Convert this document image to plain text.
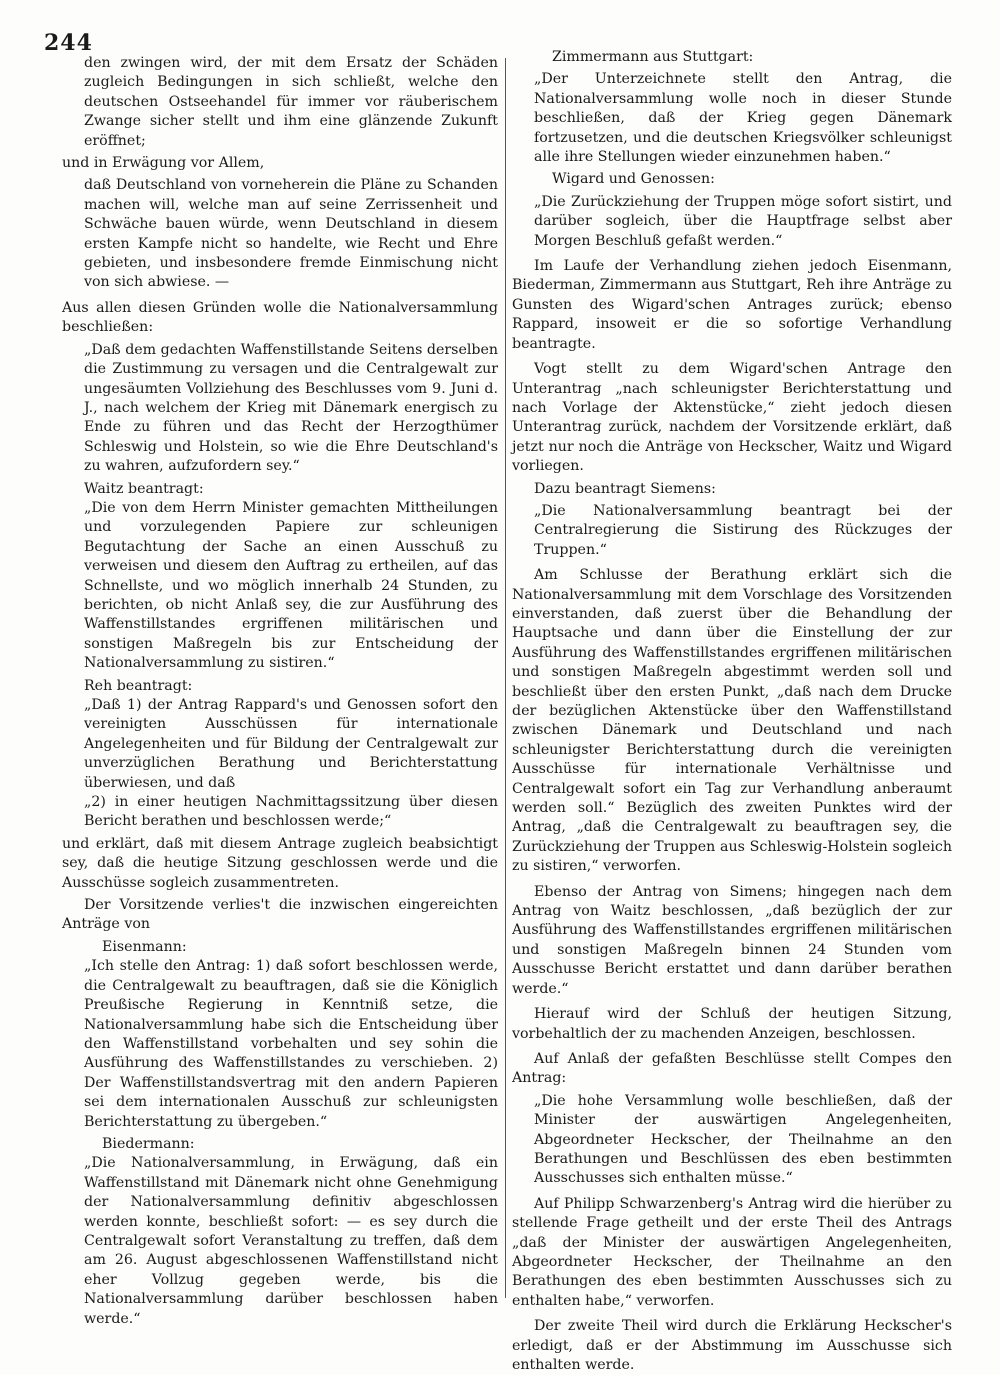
244

den zwingen wird, der mit dem Ersatz der Schäden zugleich Bedingungen in sich schließt, welche den deutschen Ostseehandel für immer vor räuberischem Zwange sicher stellt und ihm eine glänzende Zukunft eröffnet;

und in Erwägung vor Allem,

daß Deutschland von vorneherein die Pläne zu Schanden machen will, welche man auf seine Zerrissenheit und Schwäche bauen würde, wenn Deutschland in diesem ersten Kampfe nicht so handelte, wie Recht und Ehre gebieten, und insbesondere fremde Einmischung nicht von sich abwiese. —

Aus allen diesen Gründen wolle die Nationalversammlung beschließen:

„Daß dem gedachten Waffenstillstande Seitens derselben die Zustimmung zu versagen und die Centralgewalt zur ungesäumten Vollziehung des Beschlusses vom 9. Juni d. J., nach welchem der Krieg mit Dänemark energisch zu Ende zu führen und das Recht der Herzogthümer Schleswig und Holstein, so wie die Ehre Deutschland's zu wahren, aufzufordern sey.“

Waitz beantragt:

„Die von dem Herrn Minister gemachten Mittheilungen und vorzulegenden Papiere zur schleunigen Begutachtung der Sache an einen Ausschuß zu verweisen und diesem den Auftrag zu ertheilen, auf das Schnellste, und wo möglich innerhalb 24 Stunden, zu berichten, ob nicht Anlaß sey, die zur Ausführung des Waffenstillstandes ergriffenen militärischen und sonstigen Maßregeln bis zur Entscheidung der Nationalversammlung zu sistiren.“

Reh beantragt:

„Daß 1) der Antrag Rappard's und Genossen sofort den vereinigten Ausschüssen für internationale Angelegenheiten und für Bildung der Centralgewalt zur unverzüglichen Berathung und Berichterstattung überwiesen, und daß

„2) in einer heutigen Nachmittagssitzung über diesen Bericht berathen und beschlossen werde;“

und erklärt, daß mit diesem Antrage zugleich beabsichtigt sey, daß die heutige Sitzung geschlossen werde und die Ausschüsse sogleich zusammentreten.

Der Vorsitzende verlies't die inzwischen eingereichten Anträge von

Eisenmann:

„Ich stelle den Antrag: 1) daß sofort beschlossen werde, die Centralgewalt zu beauftragen, daß sie die Königlich Preußische Regierung in Kenntniß setze, die Nationalversammlung habe sich die Entscheidung über den Waffenstillstand vorbehalten und sey sohin die Ausführung des Waffenstillstandes zu verschieben. 2) Der Waffenstillstandsvertrag mit den andern Papieren sei dem internationalen Ausschuß zur schleunigsten Berichterstattung zu übergeben.“

Biedermann:

„Die Nationalversammlung, in Erwägung, daß ein Waffenstillstand mit Dänemark nicht ohne Genehmigung der Nationalversammlung definitiv abgeschlossen werden konnte, beschließt sofort: — es sey durch die Centralgewalt sofort Veranstaltung zu treffen, daß dem am 26. August abgeschlossenen Waffenstillstand nicht eher Vollzug gegeben werde, bis die Nationalversammlung darüber beschlossen haben werde.“

Zimmermann aus Stuttgart:

„Der Unterzeichnete stellt den Antrag, die Nationalversammlung wolle noch in dieser Stunde beschließen, daß der Krieg gegen Dänemark fortzusetzen, und die deutschen Kriegsvölker schleunigst alle ihre Stellungen wieder einzunehmen haben.“

Wigard und Genossen:

„Die Zurückziehung der Truppen möge sofort sistirt, und darüber sogleich, über die Hauptfrage selbst aber Morgen Beschluß gefaßt werden.“

Im Laufe der Verhandlung ziehen jedoch Eisenmann, Biederman, Zimmermann aus Stuttgart, Reh ihre Anträge zu Gunsten des Wigard'schen Antrages zurück; ebenso Rappard, insoweit er die so sofortige Verhandlung beantragte.

Vogt stellt zu dem Wigard'schen Antrage den Unterantrag „nach schleunigster Berichterstattung und nach Vorlage der Aktenstücke,“ zieht jedoch diesen Unterantrag zurück, nachdem der Vorsitzende erklärt, daß jetzt nur noch die Anträge von Heckscher, Waitz und Wigard vorliegen.

Dazu beantragt Siemens:

„Die Nationalversammlung beantragt bei der Centralregierung die Sistirung des Rückzuges der Truppen.“

Am Schlusse der Berathung erklärt sich die Nationalversammlung mit dem Vorschlage des Vorsitzenden einverstanden, daß zuerst über die Behandlung der Hauptsache und dann über die Einstellung der zur Ausführung des Waffenstillstandes ergriffenen militärischen und sonstigen Maßregeln abgestimmt werden soll und beschließt über den ersten Punkt, „daß nach dem Drucke der bezüglichen Aktenstücke über den Waffenstillstand zwischen Dänemark und Deutschland und nach schleunigster Berichterstattung durch die vereinigten Ausschüsse für internationale Verhältnisse und Centralgewalt sofort ein Tag zur Verhandlung anberaumt werden soll.“ Bezüglich des zweiten Punktes wird der Antrag, „daß die Centralgewalt zu beauftragen sey, die Zurückziehung der Truppen aus Schleswig-Holstein sogleich zu sistiren,“ verworfen.

Ebenso der Antrag von Simens; hingegen nach dem Antrag von Waitz beschlossen, „daß bezüglich der zur Ausführung des Waffenstillstandes ergriffenen militärischen und sonstigen Maßregeln binnen 24 Stunden vom Ausschusse Bericht erstattet und dann darüber berathen werde.“

Hierauf wird der Schluß der heutigen Sitzung, vorbehaltlich der zu machenden Anzeigen, beschlossen.

Auf Anlaß der gefaßten Beschlüsse stellt Compes den Antrag:

„Die hohe Versammlung wolle beschließen, daß der Minister der auswärtigen Angelegenheiten, Abgeordneter Heckscher, der Theilnahme an den Berathungen und Beschlüssen des eben bestimmten Ausschusses sich enthalten müsse.“

Auf Philipp Schwarzenberg's Antrag wird die hierüber zu stellende Frage getheilt und der erste Theil des Antrags „daß der Minister der auswärtigen Angelegenheiten, Abgeordneter Heckscher, der Theilnahme an den Berathungen des eben bestimmten Ausschusses sich zu enthalten habe,“ verworfen.

Der zweite Theil wird durch die Erklärung Heckscher's erledigt, daß er der Abstimmung im Ausschusse sich enthalten werde.
